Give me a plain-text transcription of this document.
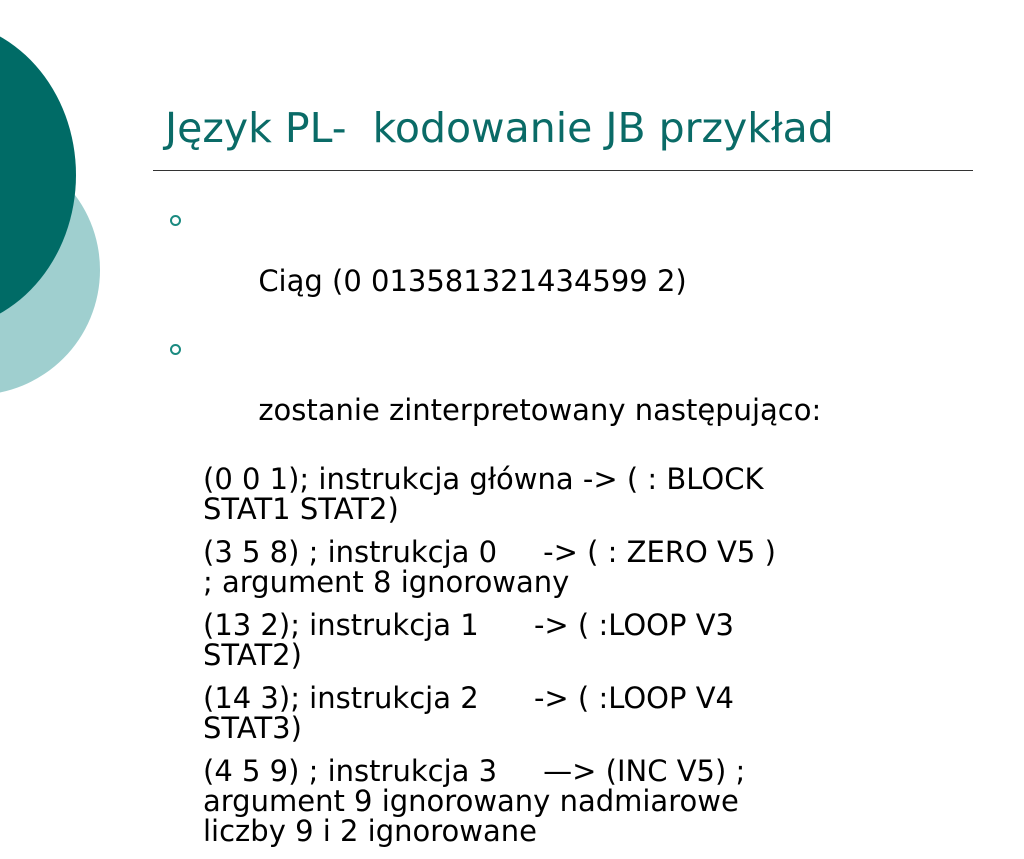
Język PL-  kodowanie JB przykład

Ciąg (0 013581321434599 2)

zostanie zinterpretowany następująco:

(0 0 1); instrukcja główna -> ( : BLOCK
STAT1 STAT2)
(3 5 8) ; instrukcja 0     -> ( : ZERO V5 )
; argument 8 ignorowany
(13 2); instrukcja 1      -> ( :LOOP V3
STAT2)
(14 3); instrukcja 2      -> ( :LOOP V4
STAT3)
(4 5 9) ; instrukcja 3     —> (INC V5) ;
argument 9 ignorowany nadmiarowe
liczby 9 i 2 ignorowane
